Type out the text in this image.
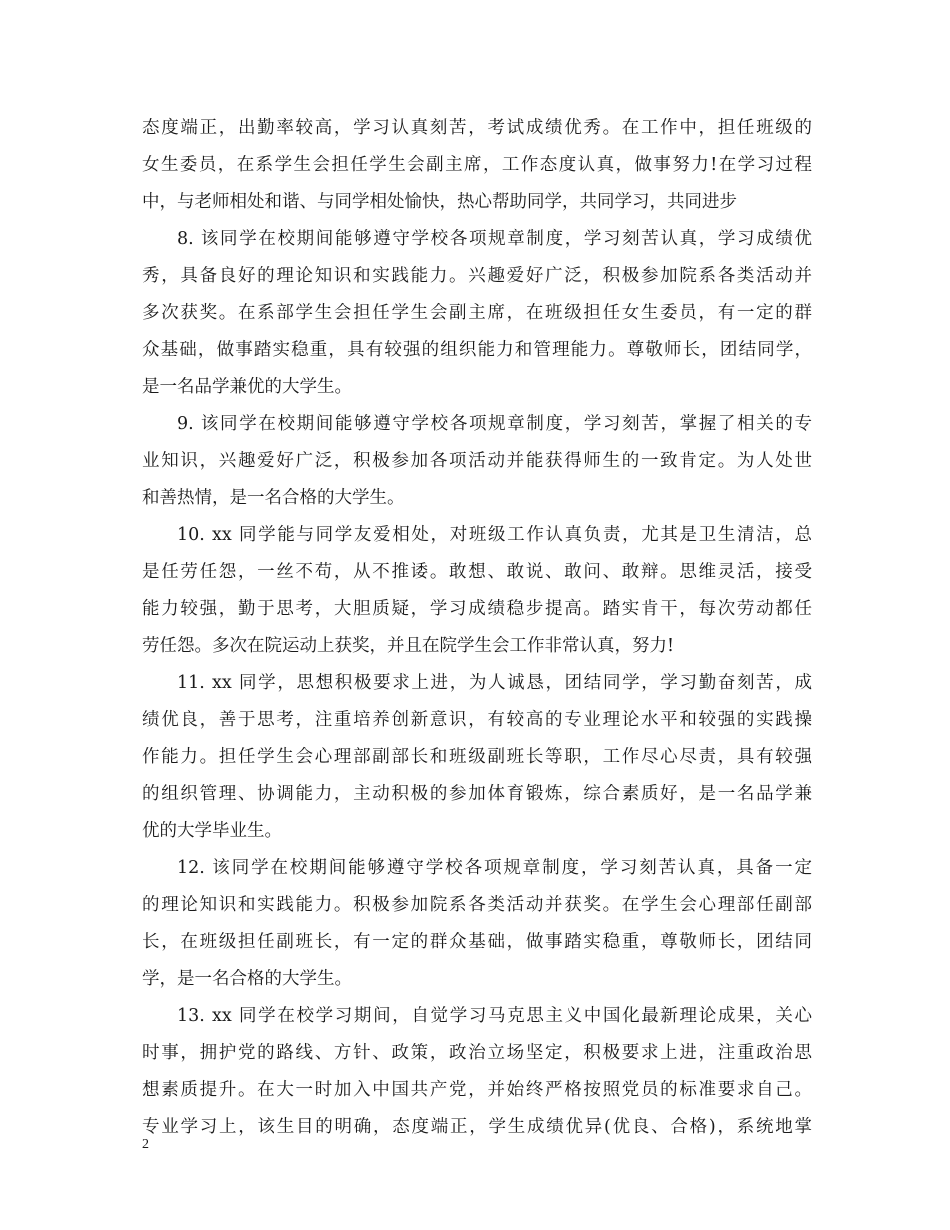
态度端正，出勤率较高，学习认真刻苦，考试成绩优秀。在工作中，担任班级的
女生委员，在系学生会担任学生会副主席，工作态度认真，做事努力!在学习过程
中，与老师相处和谐、与同学相处愉快，热心帮助同学，共同学习，共同进步
8. 该同学在校期间能够遵守学校各项规章制度，学习刻苦认真，学习成绩优
秀，具备良好的理论知识和实践能力。兴趣爱好广泛，积极参加院系各类活动并
多次获奖。在系部学生会担任学生会副主席，在班级担任女生委员，有一定的群
众基础，做事踏实稳重，具有较强的组织能力和管理能力。尊敬师长，团结同学，
是一名品学兼优的大学生。
9. 该同学在校期间能够遵守学校各项规章制度，学习刻苦，掌握了相关的专
业知识，兴趣爱好广泛，积极参加各项活动并能获得师生的一致肯定。为人处世
和善热情，是一名合格的大学生。
10. xx 同学能与同学友爱相处，对班级工作认真负责，尤其是卫生清洁，总
是任劳任怨，一丝不苟，从不推诿。敢想、敢说、敢问、敢辩。思维灵活，接受
能力较强，勤于思考，大胆质疑，学习成绩稳步提高。踏实肯干，每次劳动都任
劳任怨。多次在院运动上获奖，并且在院学生会工作非常认真，努力!
11. xx 同学，思想积极要求上进，为人诚恳，团结同学，学习勤奋刻苦，成
绩优良，善于思考，注重培养创新意识，有较高的专业理论水平和较强的实践操
作能力。担任学生会心理部副部长和班级副班长等职，工作尽心尽责，具有较强
的组织管理、协调能力，主动积极的参加体育锻炼，综合素质好，是一名品学兼
优的大学毕业生。
12. 该同学在校期间能够遵守学校各项规章制度，学习刻苦认真，具备一定
的理论知识和实践能力。积极参加院系各类活动并获奖。在学生会心理部任副部
长，在班级担任副班长，有一定的群众基础，做事踏实稳重，尊敬师长，团结同
学，是一名合格的大学生。
13. xx 同学在校学习期间，自觉学习马克思主义中国化最新理论成果，关心
时事，拥护党的路线、方针、政策，政治立场坚定，积极要求上进，注重政治思
想素质提升。在大一时加入中国共产党，并始终严格按照党员的标准要求自己。
专业学习上，该生目的明确，态度端正，学生成绩优异(优良、合格)，系统地掌
2
